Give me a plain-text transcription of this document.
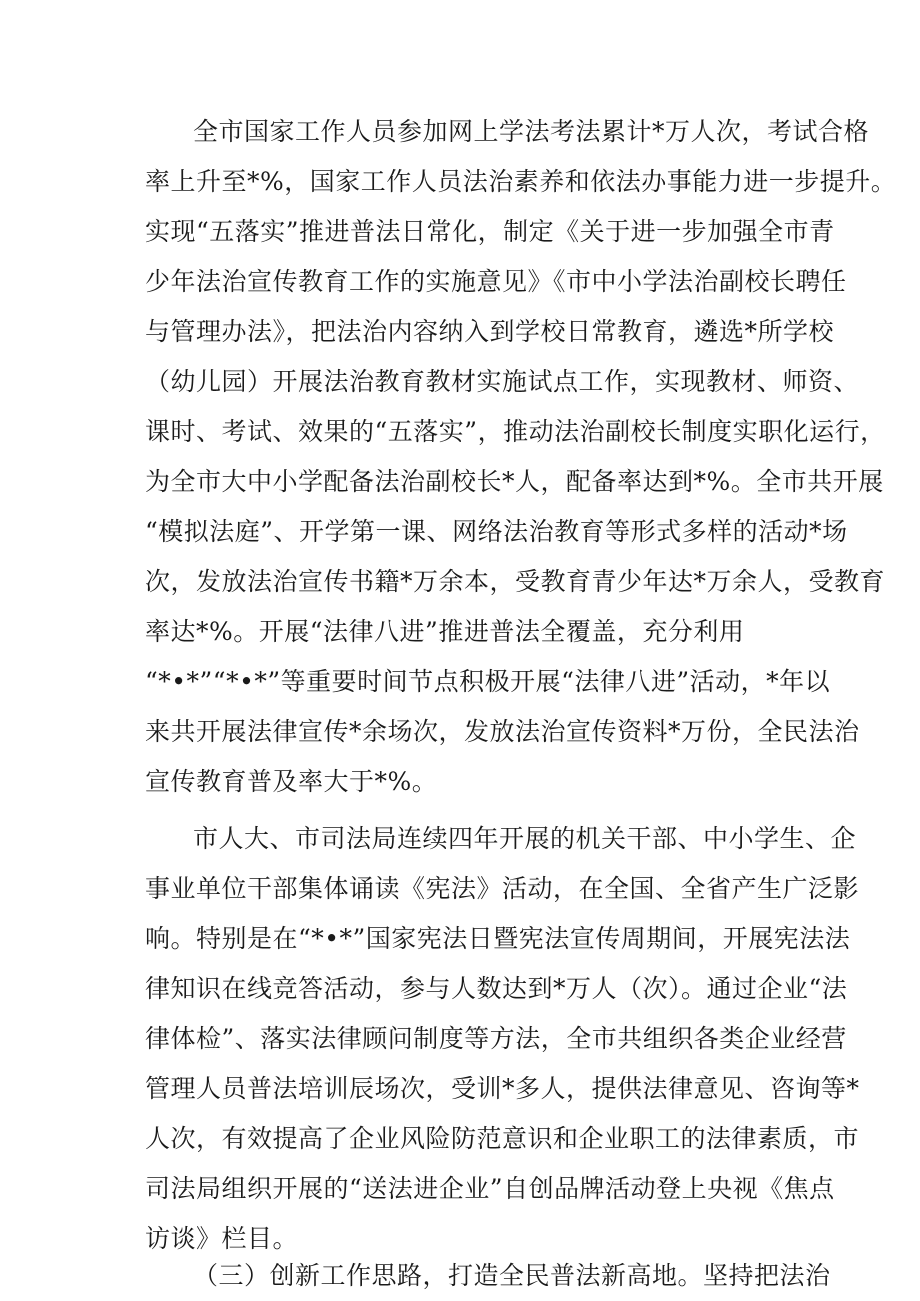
全市国家工作人员参加网上学法考法累计*万人次，考试合格
率上升至*%，国家工作人员法治素养和依法办事能力进一步提升。
实现“五落实”推进普法日常化，制定《关于进一步加强全市青
少年法治宣传教育工作的实施意见》《市中小学法治副校长聘任
与管理办法》，把法治内容纳入到学校日常教育，遴选*所学校
（幼儿园）开展法治教育教材实施试点工作，实现教材、师资、
课时、考试、效果的“五落实”，推动法治副校长制度实职化运行，
为全市大中小学配备法治副校长*人，配备率达到*%。全市共开展
“模拟法庭”、开学第一课、网络法治教育等形式多样的活动*场
次，发放法治宣传书籍*万余本，受教育青少年达*万余人，受教育
率达*%。开展“法律八进”推进普法全覆盖，充分利用
“*•*”“*•*”等重要时间节点积极开展“法律八进”活动，*年以
来共开展法律宣传*余场次，发放法治宣传资料*万份，全民法治
宣传教育普及率大于*%。
市人大、市司法局连续四年开展的机关干部、中小学生、企
事业单位干部集体诵读《宪法》活动，在全国、全省产生广泛影
响。特别是在“*•*”国家宪法日暨宪法宣传周期间，开展宪法法
律知识在线竞答活动，参与人数达到*万人（次）。通过企业“法
律体检”、落实法律顾问制度等方法，全市共组织各类企业经营
管理人员普法培训辰场次，受训*多人，提供法律意见、咨询等*
人次，有效提高了企业风险防范意识和企业职工的法律素质，市
司法局组织开展的“送法进企业”自创品牌活动登上央视《焦点
访谈》栏目。
（三）创新工作思路，打造全民普法新高地。坚持把法治
